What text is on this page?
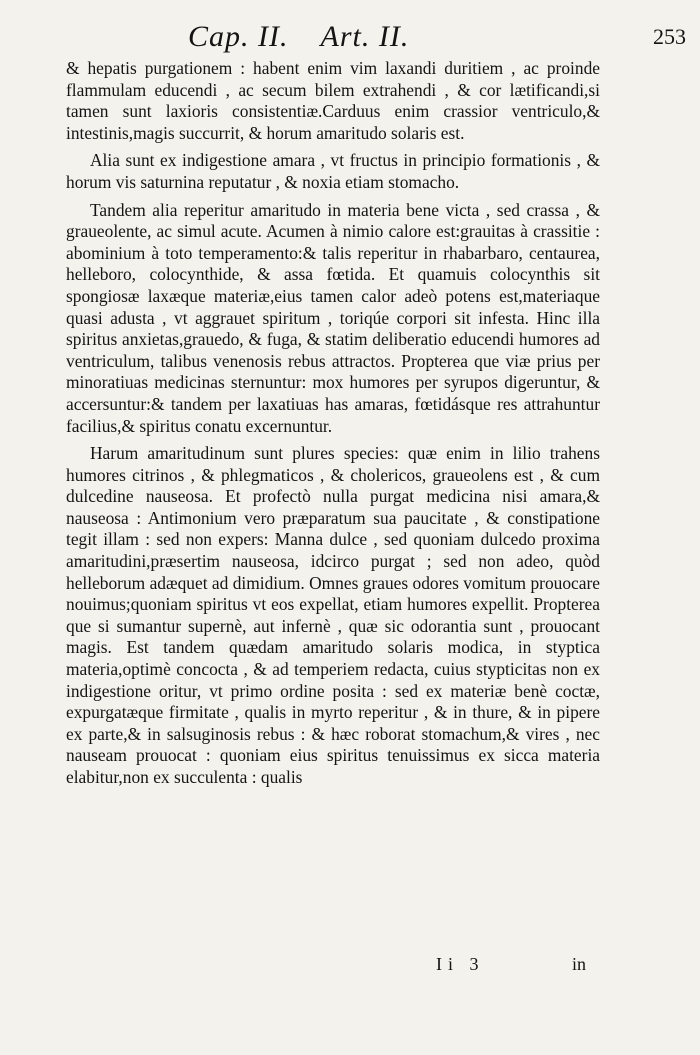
Cap. II. Art. II.	253

& hepatis purgationem : habent enim vim laxandi duritiem , ac proinde flammulam educendi , ac secum bilem extrahendi , & cor lætificandi,si tamen sunt laxioris consistentiæ.Carduus enim crassior ventriculo,& intestinis,magis succurrit, & horum amaritudo solaris est.

Alia sunt ex indigestione amara , vt fructus in principio formationis , & horum vis saturnina reputatur , & noxia etiam stomacho.

Tandem alia reperitur amaritudo in materia bene victa , sed crassa , & graueolente, ac simul acute. Acumen à nimio calore est:grauitas à crassitie : abominium à toto temperamento:& talis reperitur in rhabarbaro, centaurea, helleboro, colocynthide, & assa fœtida. Et quamuis colocynthis sit spongiosæ laxæque materiæ,eius tamen calor adeò potens est,materiaque quasi adusta , vt aggrauet spiritum , toriqúe corpori sit infesta. Hinc illa spiritus anxietas,grauedo, & fuga, & statim deliberatio educendi humores ad ventriculum, talibus venenosis rebus attractos. Propterea que viæ prius per minoratiuas medicinas sternuntur: mox humores per syrupos digeruntur, & accersuntur:& tandem per laxatiuas has amaras, fœtidásque res attrahuntur facilius,& spiritus conatu excernuntur.

Harum amaritudinum sunt plures species: quæ enim in lilio trahens humores citrinos , & phlegmaticos , & cholericos, graueolens est , & cum dulcedine nauseosa. Et profectò nulla purgat medicina nisi amara,& nauseosa : Antimonium vero præparatum sua paucitate , & constipatione tegit illam : sed non expers: Manna dulce , sed quoniam dulcedo proxima amaritudini,præsertim nauseosa, idcirco purgat ; sed non adeo, quòd helleborum adæquet ad dimidium. Omnes graues odores vomitum prouocare nouimus;quoniam spiritus vt eos expellat, etiam humores expellit. Propterea que si sumantur supernè, aut infernè , quæ sic odorantia sunt , prouocant magis. Est tandem quædam amaritudo solaris modica, in styptica materia,optimè concocta , & ad temperiem redacta, cuius stypticitas non ex indigestione oritur, vt primo ordine posita : sed ex materiæ benè coctæ, expurgatæque firmitate , qualis in myrto reperitur , & in thure, & in pipere ex parte,& in salsuginosis rebus : & hæc roborat stomachum,& vires , nec nauseam prouocat : quoniam eius spiritus tenuissimus ex sicca materia elabitur,non ex succulenta : qualis

Ii 3	in
